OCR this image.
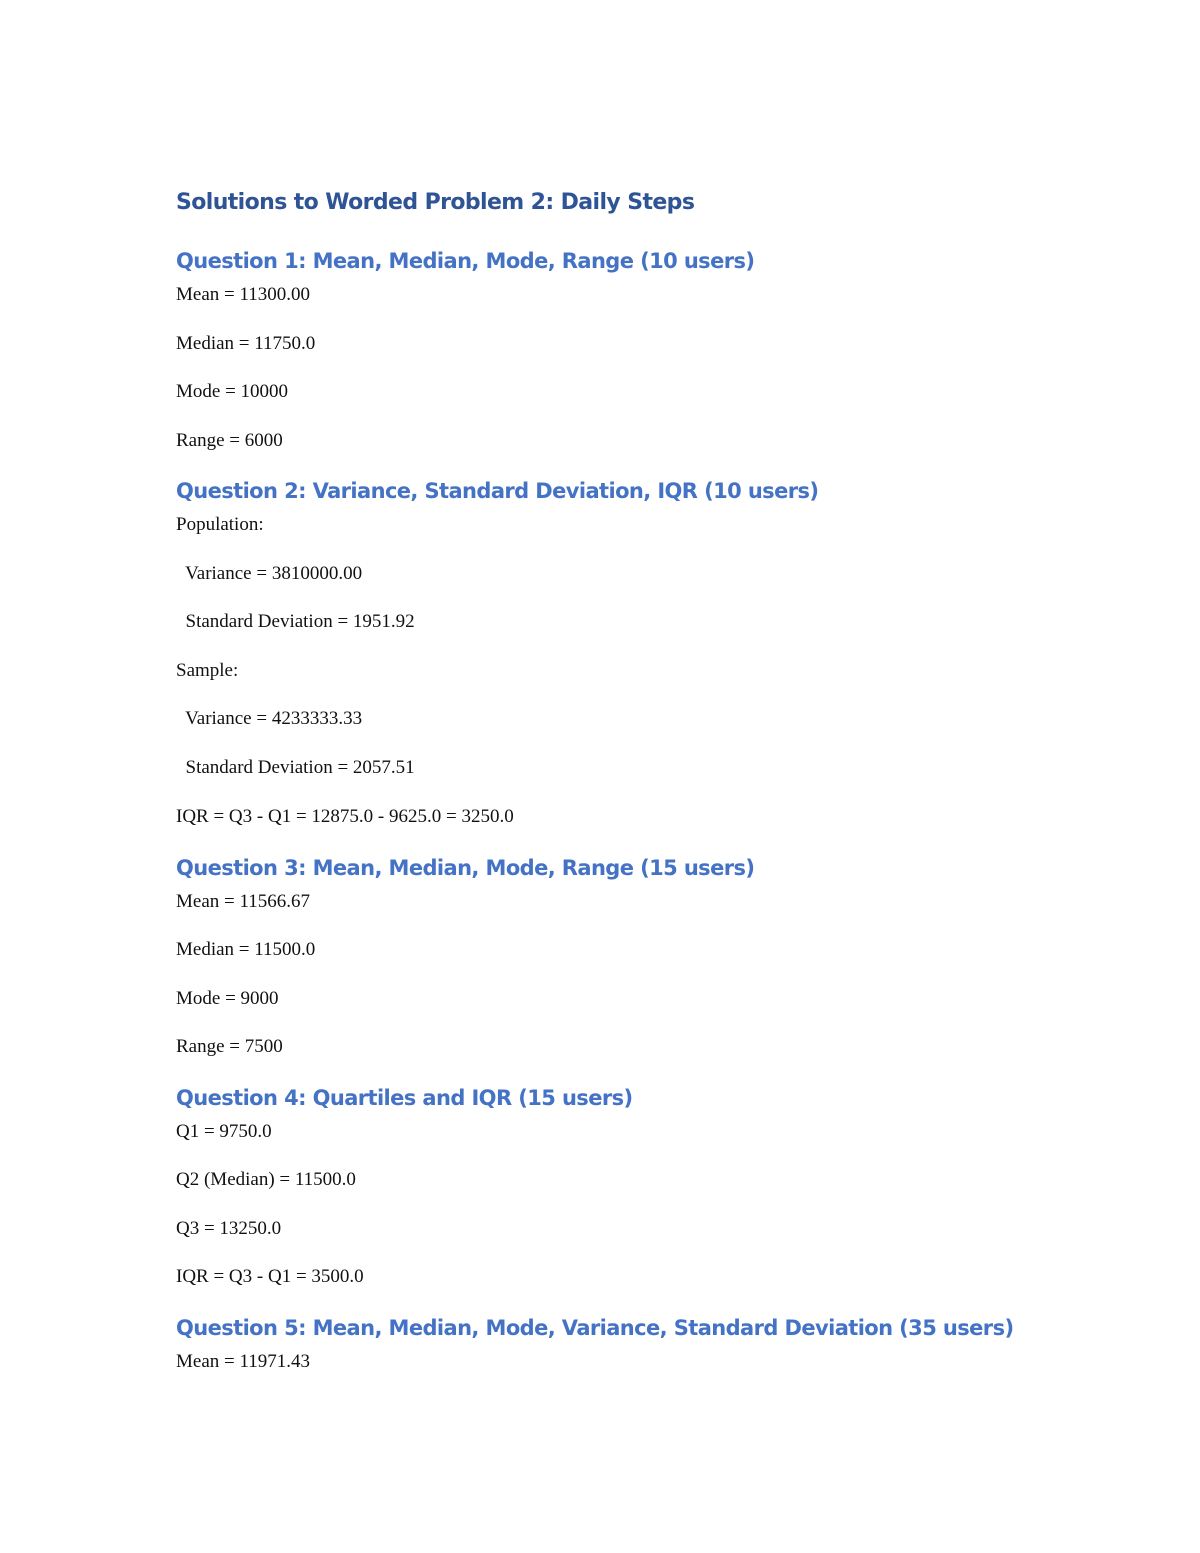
Solutions to Worded Problem 2: Daily Steps
Question 1: Mean, Median, Mode, Range (10 users)

Mean = 11300.00

Median = 11750.0

Mode = 10000

Range = 6000

Question 2: Variance, Standard Deviation, IQR (10 users)

Population:

Variance = 3810000.00

Standard Deviation = 1951.92

Sample:

Variance = 4233333.33

Standard Deviation = 2057.51

IQR = Q3 - Q1 = 12875.0 - 9625.0 = 3250.0

Question 3: Mean, Median, Mode, Range (15 users)

Mean = 11566.67

Median = 11500.0

Mode = 9000

Range = 7500

Question 4: Quartiles and IQR (15 users)

Q1 = 9750.0

Q2 (Median) = 11500.0

Q3 = 13250.0

IQR = Q3 - Q1 = 3500.0

Question 5: Mean, Median, Mode, Variance, Standard Deviation (35 users)

Mean = 11971.43
